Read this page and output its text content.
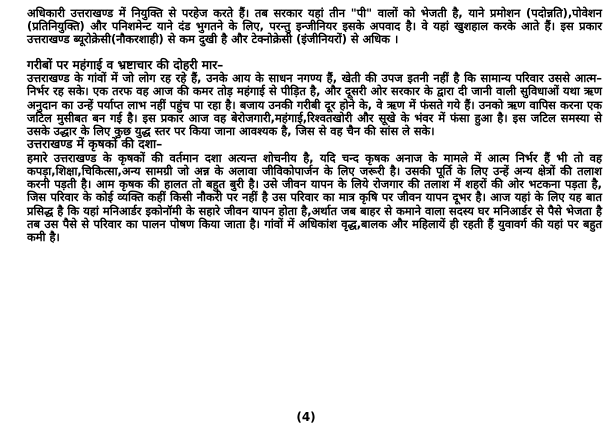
अधिकारी उत्तराखण्ड में नियुक्ति से परहेज करते हैं। तब सरकार यहां तीन "पी" वालों को भेजती है, याने प्रमोशन (पदोन्नति),पोवेशन (प्रतिनियुक्ति) और पनिशमेन्ट याने दंड भुगतने के लिए, परन्तु इन्जीनियर इसके अपवाद है। वे यहां खुशहाल करके आते हैं। इस प्रकार उत्तराखण्ड ब्यूरोक्रेसी(नौकरशाही) से कम दुखी है और टेक्नोक्रेसी (इंजीनियरों) से अधिक ।

गरीबों पर महंगाई व भ्रष्टाचार की दोहरी मार–

उत्तराखण्ड के गांवों में जो लोग रह रहे हैं, उनके आय के साधन नगण्य हैं, खेती की उपज इतनी नहीं है कि सामान्य परिवार उससे आत्म–निर्भर रह सके। एक तरफ वह आज की कमर तोड़ महंगाई से पीड़ित है, और दूसरी ओर सरकार के द्वारा दी जानी वाली सुविधाओं यथा ऋण अनुदान का उन्हें पर्याप्त लाभ नहीं पहुंच पा रहा है। बजाय उनकी गरीबी दूर होने के, वे ऋण में फंसते गये हैं। उनको ऋण वापिस करना एक जटिल मुसीबत बन गई है। इस प्रकार आज वह बेरोजगारी,महंगाई,रिश्वतखोरी और सूखे के भंवर में फंसा हुआ है। इस जटिल समस्या से उसके उद्धार के लिए कुछ युद्ध स्तर पर किया जाना आवश्यक है, जिस से वह चैन की सांस ले सके।

उत्तराखण्ड में कृषकों की दशा–

हमारे उत्तराखण्ड के कृषकों की वर्तमान दशा अत्यन्त शोचनीय है, यदि चन्द कृषक अनाज के मामले में आत्म निर्भर हैं भी तो वह कपड़ा,शिक्षा,चिकित्सा,अन्य सामग्री जो अन्न के अलावा जीविकोपार्जन के लिए जरूरी है। उसकी पूर्ति के लिए उन्हें अन्य क्षेत्रों की तलाश करनी पड़ती है। आम कृषक की हालत तो बहुत बुरी है। उसे जीवन यापन के लिये रोजगार की तलाश में शहरों की ओर भटकना पड़ता है, जिस परिवार के कोई व्यक्ति कहीं किसी नौकरी पर नहीं है उस परिवार का मात्र कृषि पर जीवन यापन दूभर है। आज यहां के लिए यह बात प्रसिद्ध है कि यहां मनिआर्डर इकोनॉमी के सहारे जीवन यापन होता है,अर्थात जब बाहर से कमाने वाला सदस्य घर मनिआर्डर से पैसे भेजता है तब उस पैसे से परिवार का पालन पोषण किया जाता है। गांवों में अधिकांश वृद्ध,बालक और महिलायें ही रहती हैं युवावर्ग की यहां पर बहुत कमी है।

(4)
